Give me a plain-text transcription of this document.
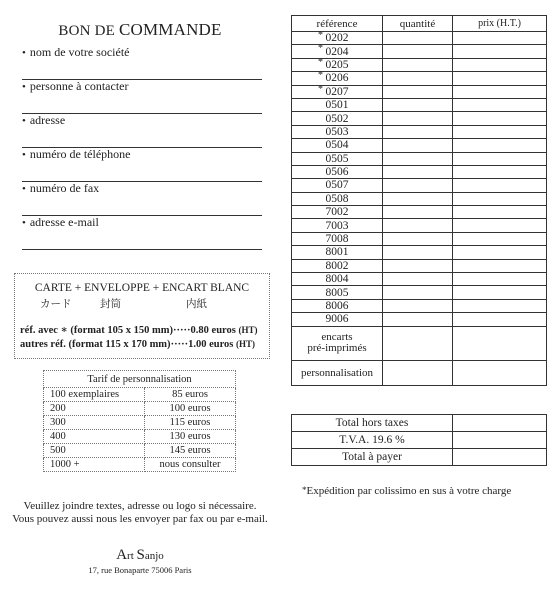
BON DE COMMANDE
• nom de votre société
• personne à contacter
• adresse
• numéro de téléphone
• numéro de fax
• adresse e-mail
CARTE + ENVELOPPE + ENCART BLANC
カード	封筒	内紙
réf. avec ∗ (format 105 x 150 mm)·····0.80 euros (HT)
autres réf. (format 115 x 170 mm)·····1.00 euros (HT)
Tarif de personnalisation	
100 exemplaires	85 euros
200	100 euros
300	115 euros
400	130 euros
500	145 euros
1000 +	nous consulter
Veuillez joindre textes, adresse ou logo si nécessaire.
Vous pouvez aussi nous les envoyer par fax ou par e-mail.
Art Sanjo
17, rue Bonaparte 75006 Paris
référence	quantité	prix (H.T.)

* 0202		

* 0204		

* 0205		

* 0206		

* 0207		
0501		
0502		
0503		
0504		
0505		
0506		
0507		
0508		
7002		
7003		
7008		
8001		
8002		
8004		
8005		
8006		
9006		

encarts
pré-imprimés		

personnalisation		
Total hors taxes	
T.V.A. 19.6 %	
Total à payer	
*Expédition par colissimo en sus à votre charge
